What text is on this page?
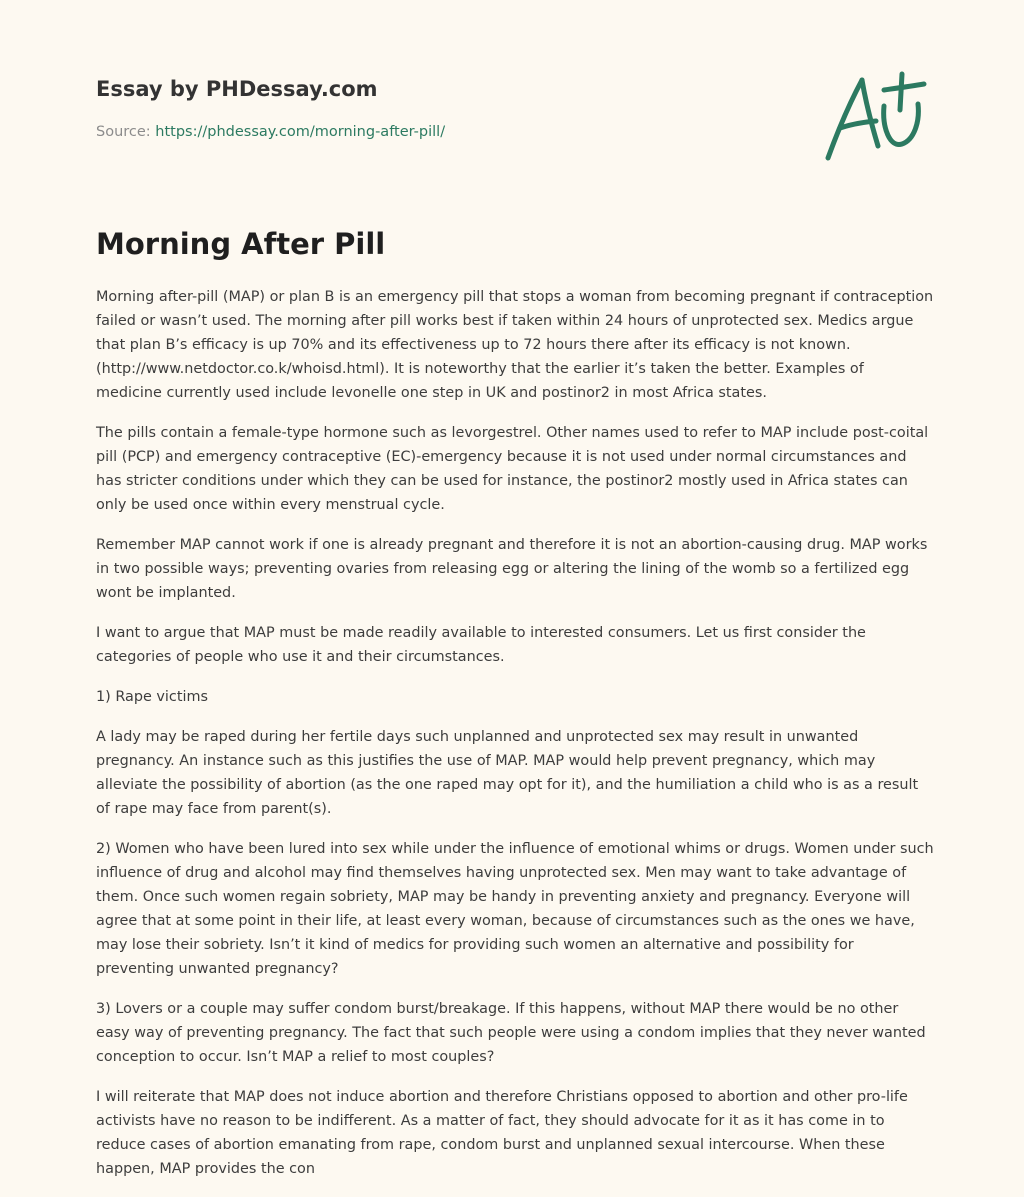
Essay by PHDessay.com

Source: https://phdessay.com/morning-after-pill/
Morning After Pill

Morning after-pill (MAP) or plan B is an emergency pill that stops a woman from becoming pregnant if contraception failed or wasn’t used. The morning after pill works best if taken within 24 hours of unprotected sex. Medics argue that plan B’s efficacy is up 70% and its effectiveness up to 72 hours there after its efficacy is not known. (http://www.netdoctor.co.k/whoisd.html). It is noteworthy that the earlier it’s taken the better. Examples of medicine currently used include levonelle one step in UK and postinor2 in most Africa states.

The pills contain a female-type hormone such as levorgestrel. Other names used to refer to MAP include post-coital pill (PCP) and emergency contraceptive (EC)-emergency because it is not used under normal circumstances and has stricter conditions under which they can be used for instance, the postinor2 mostly used in Africa states can only be used once within every menstrual cycle.

Remember MAP cannot work if one is already pregnant and therefore it is not an abortion-causing drug. MAP works in two possible ways; preventing ovaries from releasing egg or altering the lining of the womb so a fertilized egg wont be implanted.

I want to argue that MAP must be made readily available to interested consumers. Let us first consider the categories of people who use it and their circumstances.

1) Rape victims

A lady may be raped during her fertile days such unplanned and unprotected sex may result in unwanted pregnancy. An instance such as this justifies the use of MAP. MAP would help prevent pregnancy, which may alleviate the possibility of abortion (as the one raped may opt for it), and the humiliation a child who is as a result of rape may face from parent(s).

2) Women who have been lured into sex while under the influence of emotional whims or drugs. Women under such influence of drug and alcohol may find themselves having unprotected sex. Men may want to take advantage of them. Once such women regain sobriety, MAP may be handy in preventing anxiety and pregnancy. Everyone will agree that at some point in their life, at least every woman, because of circumstances such as the ones we have, may lose their sobriety. Isn’t it kind of medics for providing such women an alternative and possibility for preventing unwanted pregnancy?

3) Lovers or a couple may suffer condom burst/breakage. If this happens, without MAP there would be no other easy way of preventing pregnancy. The fact that such people were using a condom implies that they never wanted conception to occur. Isn’t MAP a relief to most couples?

I will reiterate that MAP does not induce abortion and therefore Christians opposed to abortion and other pro-life activists have no reason to be indifferent. As a matter of fact, they should advocate for it as it has come in to reduce cases of abortion emanating from rape, condom burst and unplanned sexual intercourse. When these happen, MAP provides the con
